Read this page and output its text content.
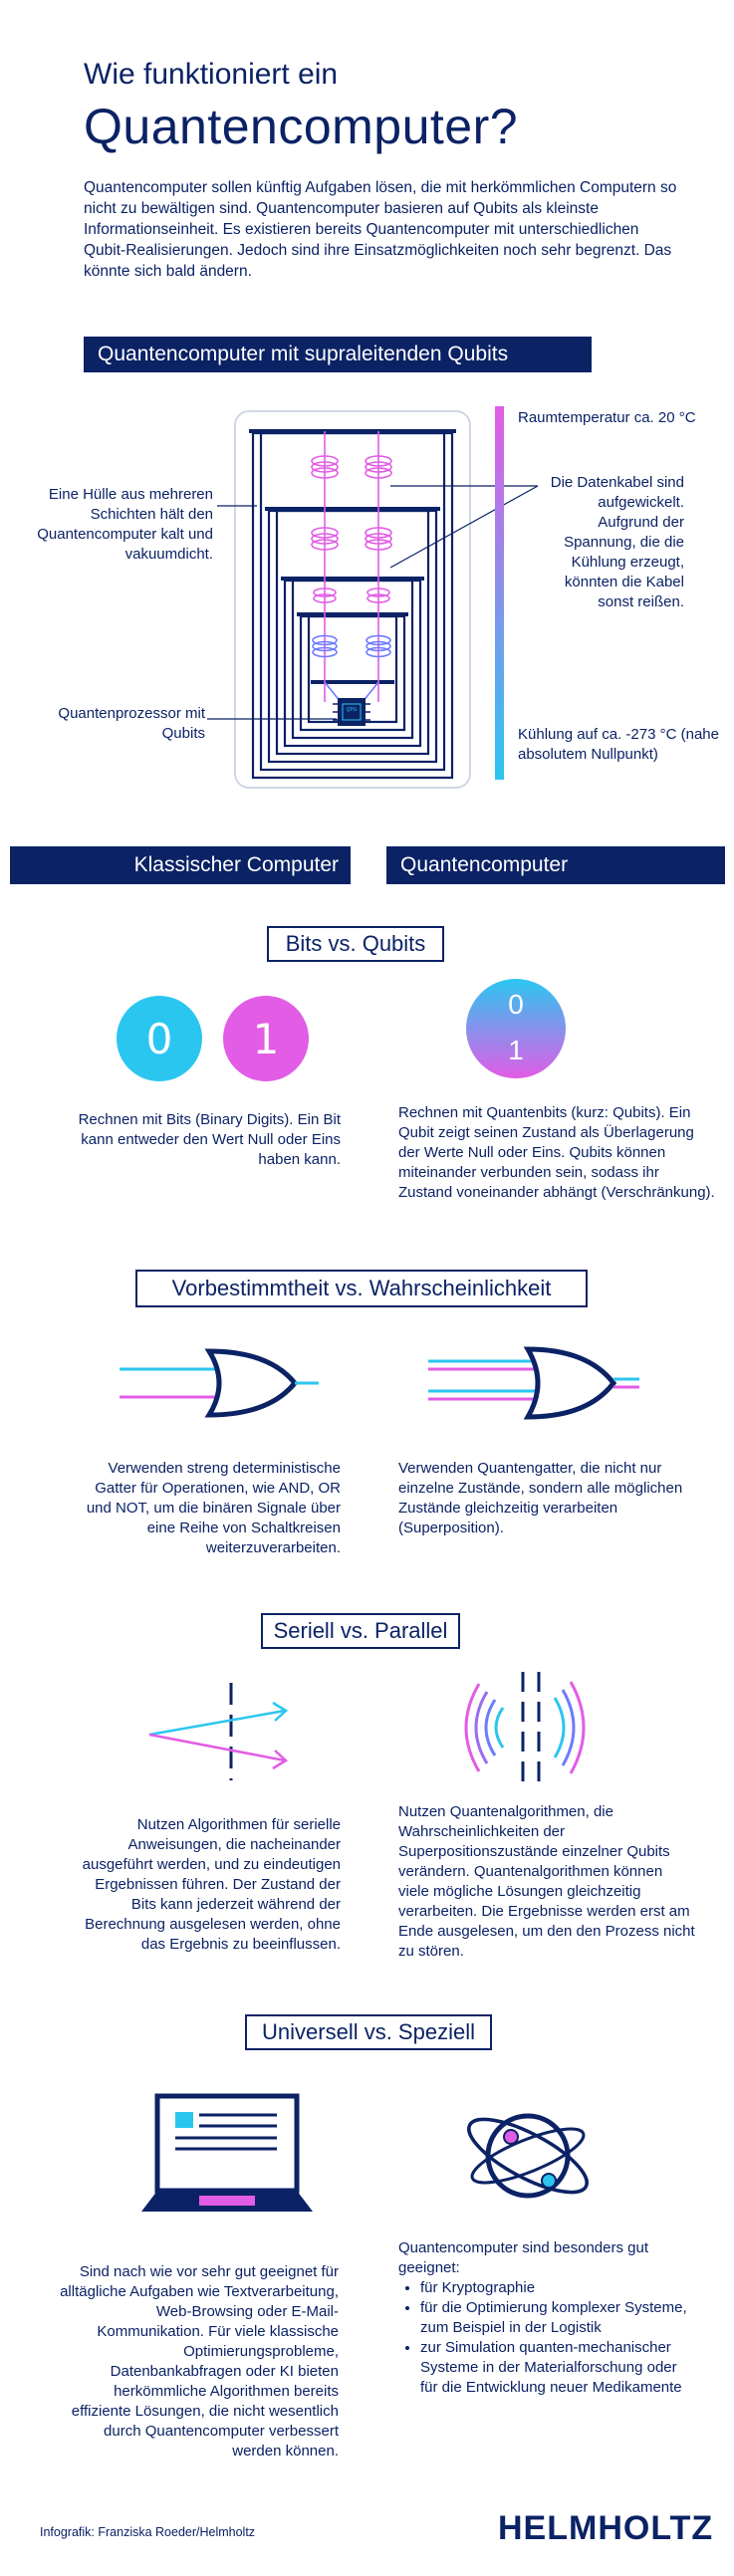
Wie funktioniert ein
Quantencomputer?
Quantencomputer sollen künftig Aufgaben lösen, die mit herkömmlichen Computern so nicht zu bewältigen sind. Quantencomputer basieren auf Qubits als kleinste Informationseinheit. Es existieren bereits Quantencomputer mit unterschiedlichen Qubit-Realisierungen. Jedoch sind ihre Einsatzmöglichkeiten noch sehr begrenzt. Das könnte sich bald ändern.
Quantencomputer mit supraleitenden Qubits
QPU
Eine Hülle aus mehreren Schichten hält den Quantencomputer kalt und vakuumdicht.
Quantenprozessor mit Qubits
Raumtemperatur ca. 20 °C
Die Datenkabel sind aufgewickelt. Aufgrund der Spannung, die die Kühlung erzeugt, könnten die Kabel sonst reißen.
Kühlung auf ca. -273 °C (nahe absolutem Nullpunkt)
Klassischer Computer	Quantencomputer
Bits vs. Qubits
0	1
0
1
Rechnen mit Bits (Binary Digits). Ein Bit kann entweder den Wert Null oder Eins haben kann.
Rechnen mit Quantenbits (kurz: Qubits). Ein Qubit zeigt seinen Zustand als Überlagerung der Werte Null oder Eins. Qubits können miteinander verbunden sein, sodass ihr Zustand voneinander abhängt (Verschränkung).
Vorbestimmtheit vs. Wahrscheinlichkeit
Verwenden streng deterministische Gatter für Operationen, wie AND, OR und NOT, um die binären Signale über eine Reihe von Schaltkreisen weiterzuverarbeiten.
Verwenden Quantengatter, die nicht nur einzelne Zustände, sondern alle möglichen Zustände gleichzeitig verarbeiten (Superposition).
Seriell vs. Parallel
Nutzen Algorithmen für serielle Anweisungen, die nacheinander ausgeführt werden, und zu eindeutigen Ergebnissen führen. Der Zustand der Bits kann jederzeit während der Berechnung ausgelesen werden, ohne das Ergebnis zu beeinflussen.
Nutzen Quantenalgorithmen, die Wahrscheinlichkeiten der Superpositionszustände einzelner Qubits verändern. Quantenalgorithmen können viele mögliche Lösungen gleichzeitig verarbeiten. Die Ergebnisse werden erst am Ende ausgelesen, um den den Prozess nicht zu stören.
Universell vs. Speziell
Sind nach wie vor sehr gut geeignet für alltägliche Aufgaben wie Textverarbeitung, Web-Browsing oder E-Mail-Kommunikation. Für viele klassische Optimierungsprobleme, Datenbankabfragen oder KI bieten herkömmliche Algorithmen bereits effiziente Lösungen, die nicht wesentlich durch Quantencomputer verbessert werden können.
Quantencomputer sind besonders gut geeignet:
• für Kryptographie
• für die Optimierung komplexer Systeme, zum Beispiel in der Logistik
• zur Simulation quanten-mechanischer Systeme in der Materialforschung oder für die Entwicklung neuer Medikamente
Infografik: Franziska Roeder/Helmholtz	HELMHOLTZ
